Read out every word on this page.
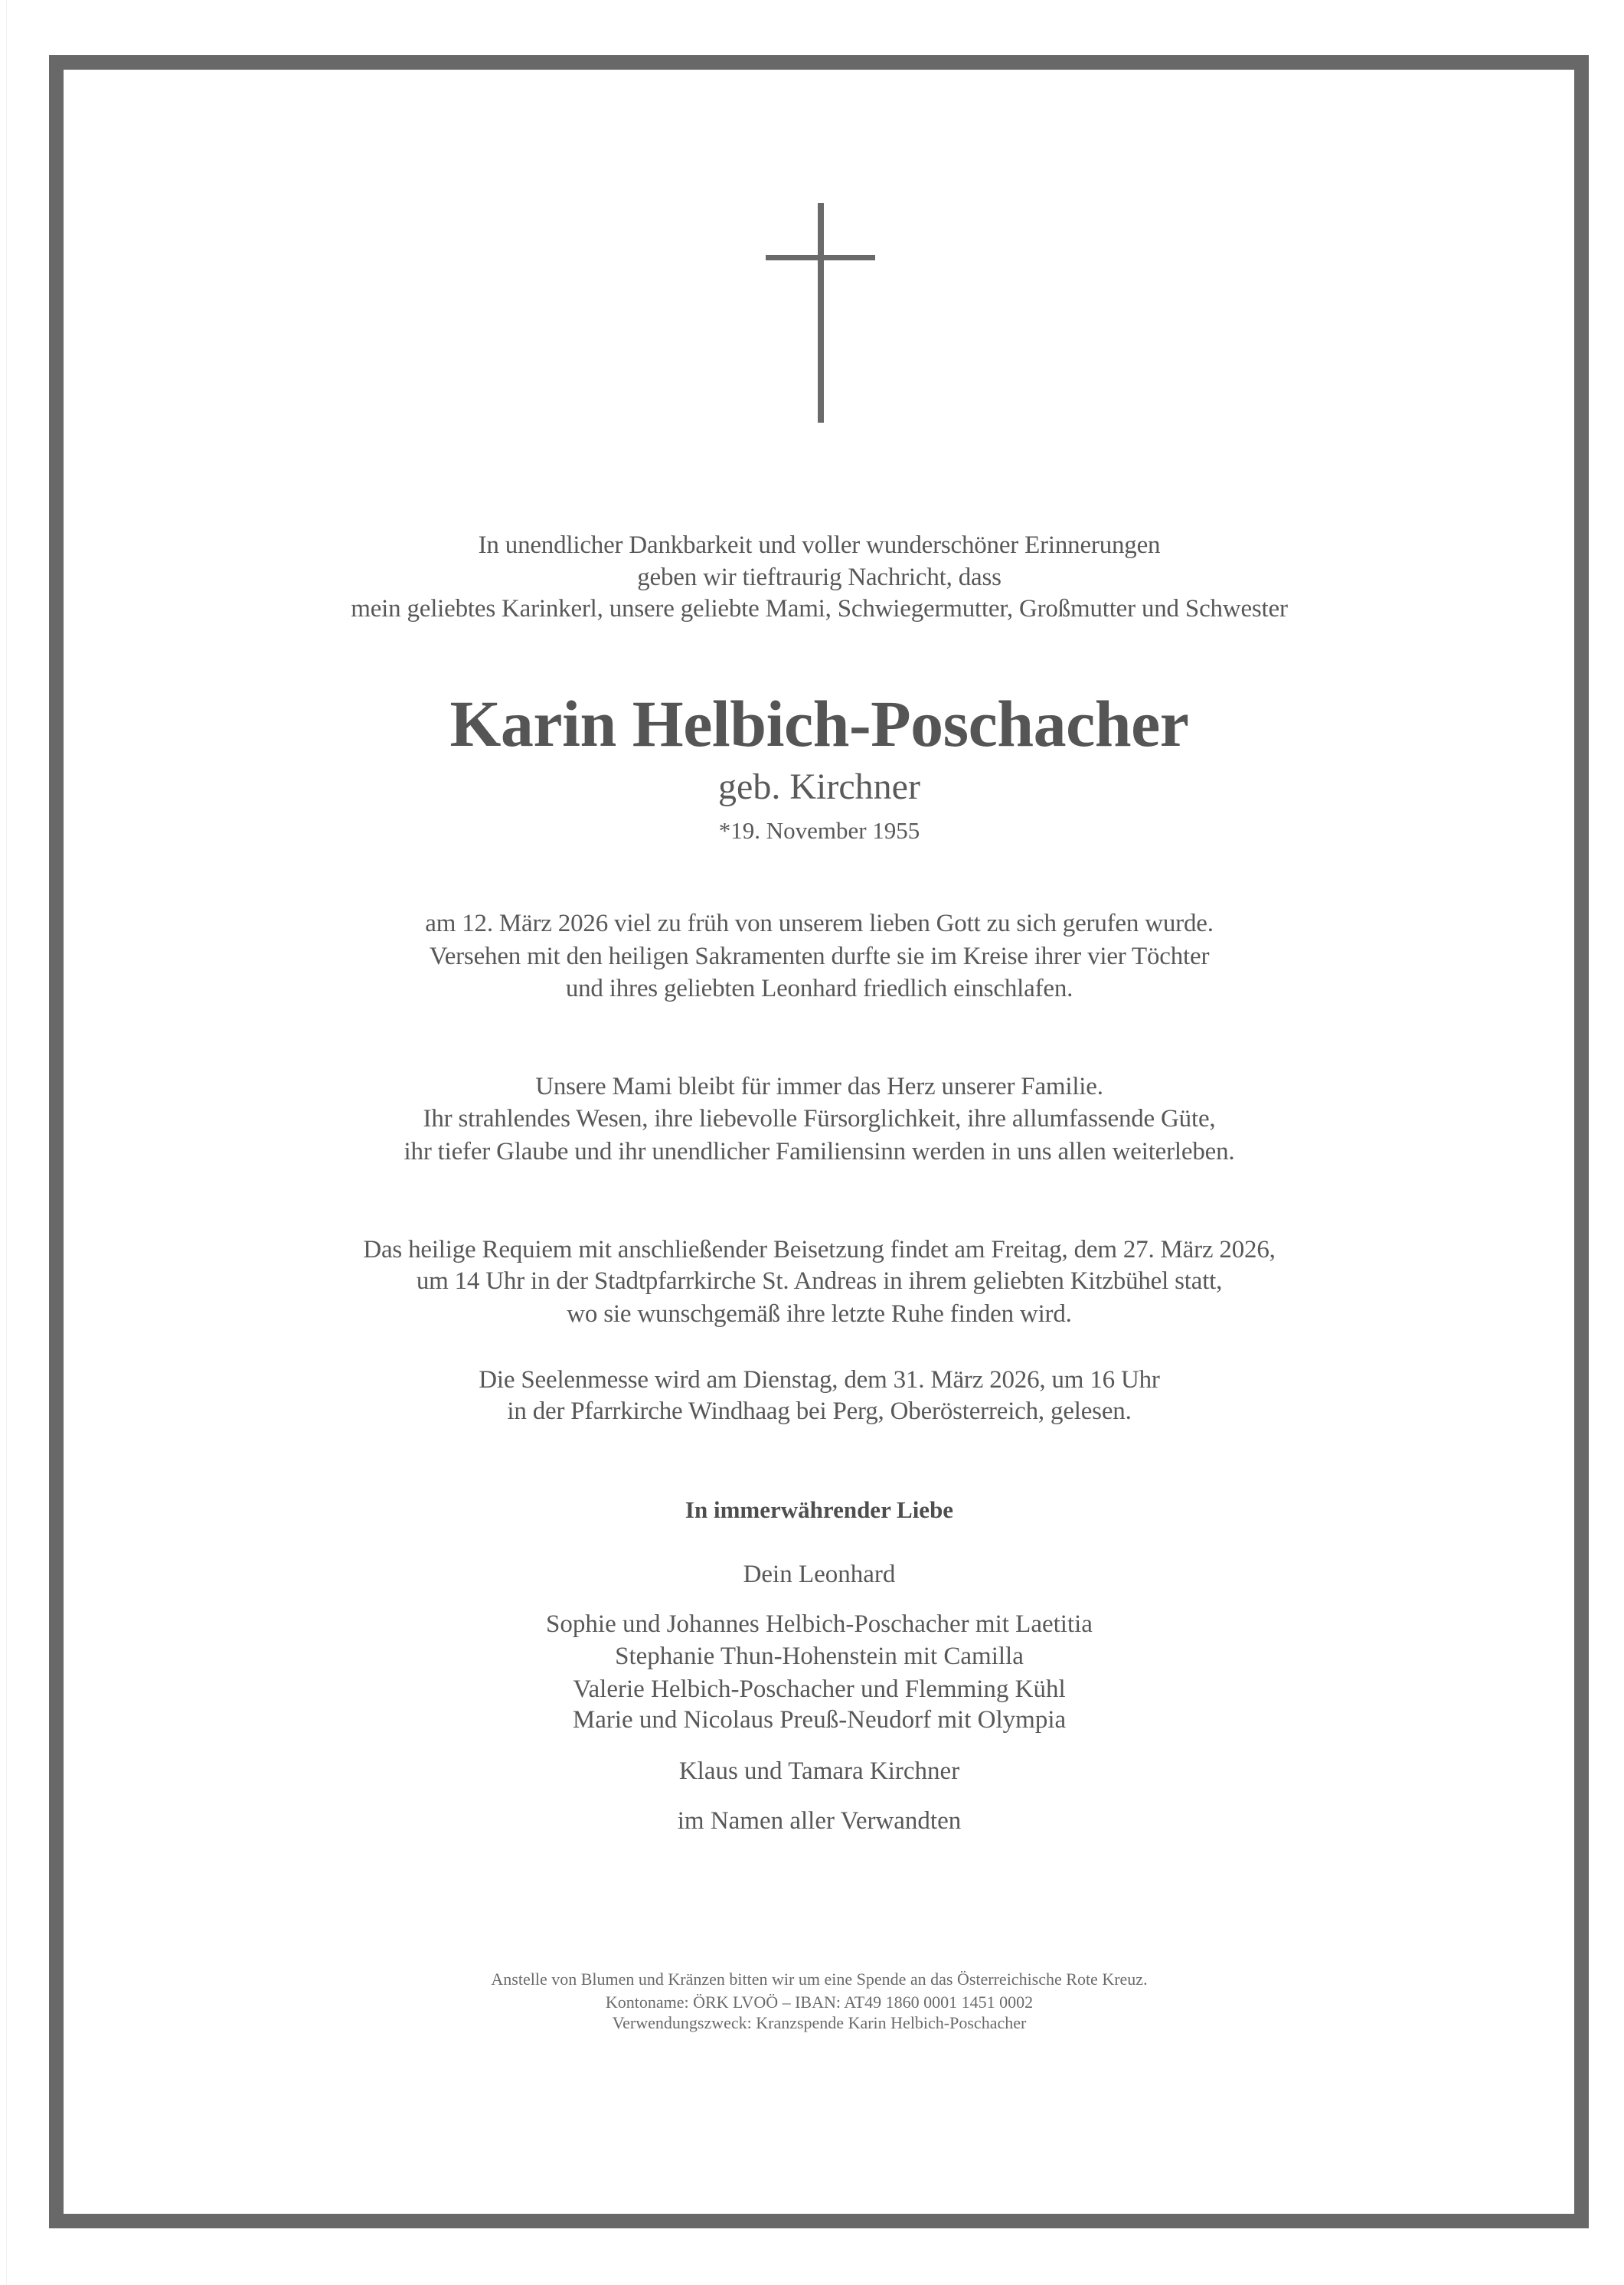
In unendlicher Dankbarkeit und voller wunderschöner Erinnerungen
geben wir tieftraurig Nachricht, dass
mein geliebtes Karinkerl, unsere geliebte Mami, Schwiegermutter, Großmutter und Schwester
Karin Helbich-Poschacher
geb. Kirchner
*19. November 1955
am 12. März 2026 viel zu früh von unserem lieben Gott zu sich gerufen wurde.
Versehen mit den heiligen Sakramenten durfte sie im Kreise ihrer vier Töchter
und ihres geliebten Leonhard friedlich einschlafen.
Unsere Mami bleibt für immer das Herz unserer Familie.
Ihr strahlendes Wesen, ihre liebevolle Fürsorglichkeit, ihre allumfassende Güte,
ihr tiefer Glaube und ihr unendlicher Familiensinn werden in uns allen weiterleben.
Das heilige Requiem mit anschließender Beisetzung findet am Freitag, dem 27. März 2026,
um 14 Uhr in der Stadtpfarrkirche St. Andreas in ihrem geliebten Kitzbühel statt,
wo sie wunschgemäß ihre letzte Ruhe finden wird.
Die Seelenmesse wird am Dienstag, dem 31. März 2026, um 16 Uhr
in der Pfarrkirche Windhaag bei Perg, Oberösterreich, gelesen.
In immerwährender Liebe
Dein Leonhard
Sophie und Johannes Helbich-Poschacher mit Laetitia
Stephanie Thun-Hohenstein mit Camilla
Valerie Helbich-Poschacher und Flemming Kühl
Marie und Nicolaus Preuß-Neudorf mit Olympia
Klaus und Tamara Kirchner
im Namen aller Verwandten
Anstelle von Blumen und Kränzen bitten wir um eine Spende an das Österreichische Rote Kreuz.
Kontoname: ÖRK LVOÖ – IBAN: AT49 1860 0001 1451 0002
Verwendungszweck: Kranzspende Karin Helbich-Poschacher
